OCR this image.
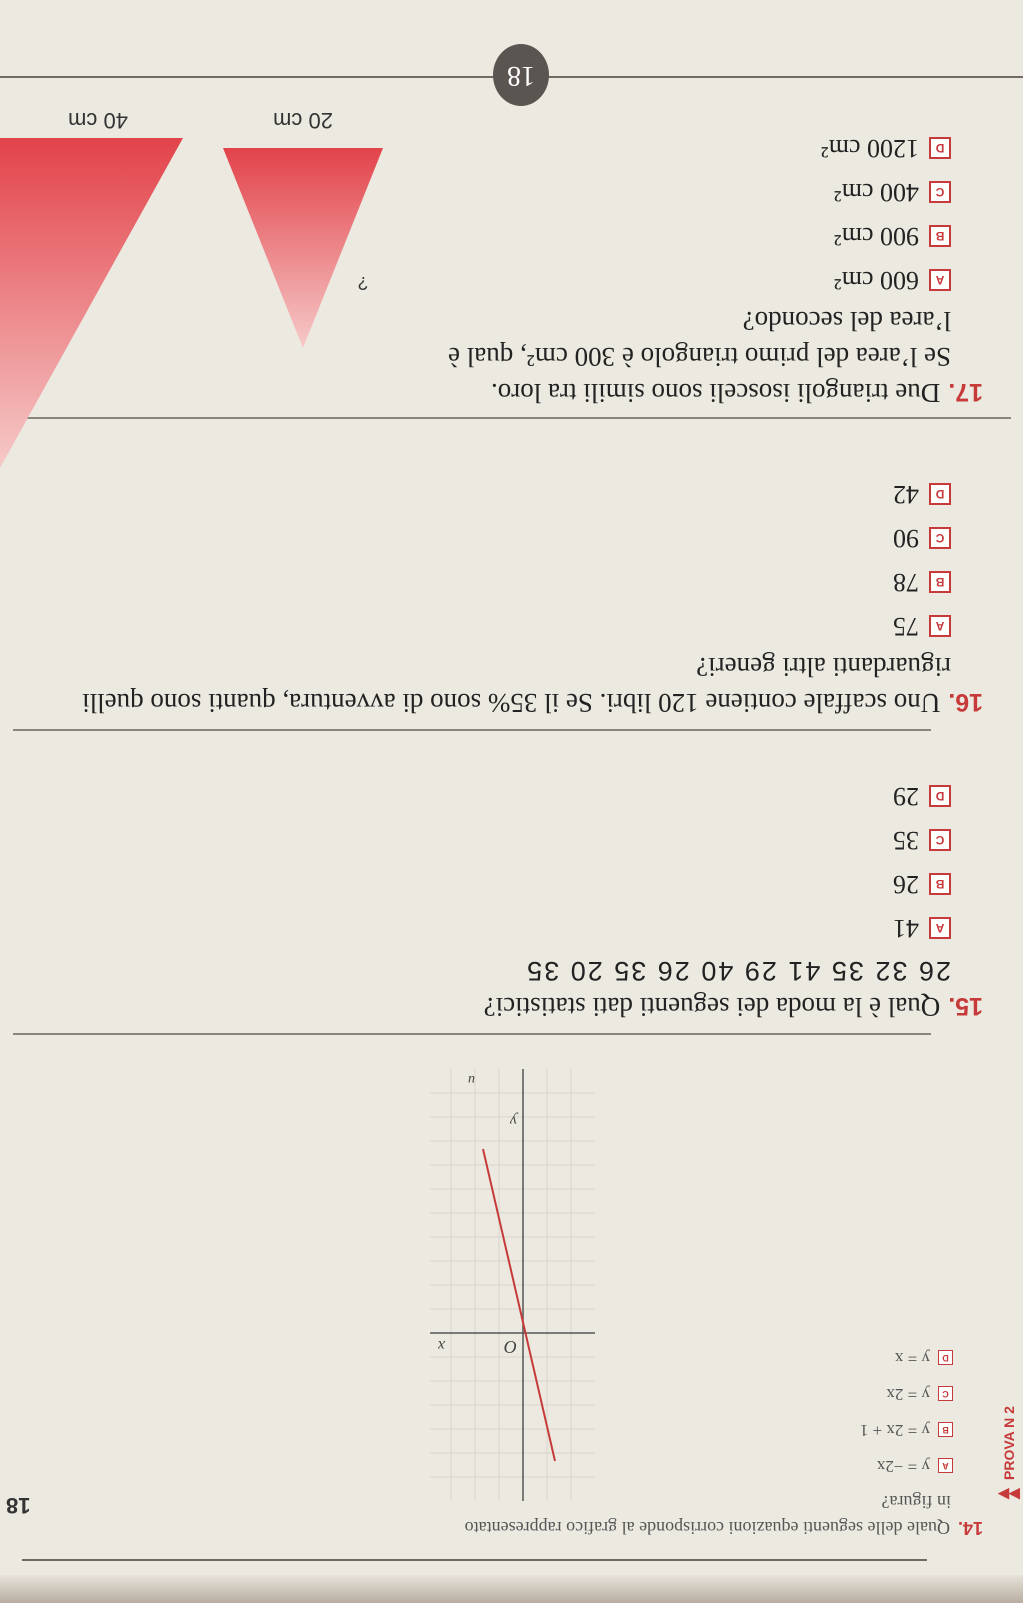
18	▶▶
PROVA N 2
14.Quale delle seguenti equazioni corrisponde al grafico rappresentato
in figura?
A
y = −2x
B
y = 2x + 1
C
y = 2x
D
y = x
O
x
y
u
15.Qual è la moda dei seguenti dati statistici?
26 32 35 41 29 40 26 35 20 35
A
41
B
26
C
35
D
29
16.Uno scaffale contiene 120 libri. Se il 35% sono di avventura, quanti sono quelli
riguardanti altri generi?
A
75
B
78
C
90
D
42
17.Due triangoli isosceli sono simili tra loro.
Se l’area del primo triangolo è 300 cm², qual è l’area del secondo?
A
600 cm²
B
900 cm²
C
400 cm²
D
1200 cm²
20 cm
40 cm
?
18
